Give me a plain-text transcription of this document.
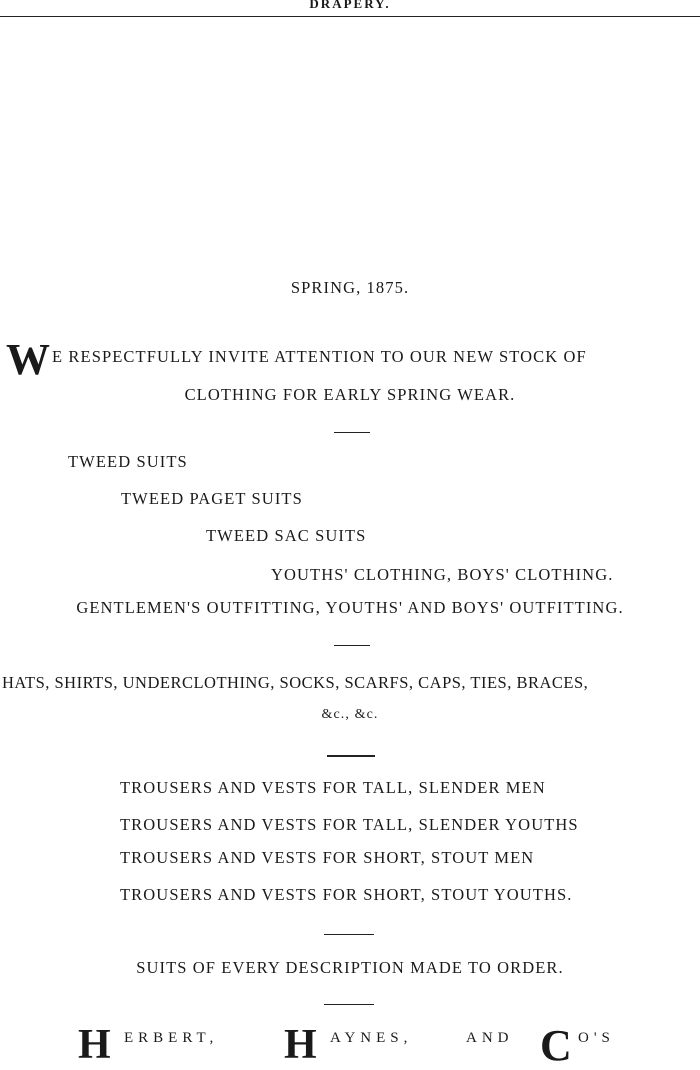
DRAPERY.
SPRING, 1875.
W E RESPECTFULLY INVITE ATTENTION TO OUR NEW STOCK OF
CLOTHING FOR EARLY SPRING WEAR.
TWEED SUITS
TWEED PAGET SUITS
TWEED SAC SUITS
YOUTHS' CLOTHING, BOYS' CLOTHING.
GENTLEMEN'S OUTFITTING, YOUTHS' AND BOYS' OUTFITTING.
HATS, SHIRTS, UNDERCLOTHING, SOCKS, SCARFS, CAPS, TIES, BRACES,
&c., &c.
TROUSERS AND VESTS FOR TALL, SLENDER MEN
TROUSERS AND VESTS FOR TALL, SLENDER YOUTHS
TROUSERS AND VESTS FOR SHORT, STOUT MEN
TROUSERS AND VESTS FOR SHORT, STOUT YOUTHS.
SUITS OF EVERY DESCRIPTION MADE TO ORDER.
H ERBERT, H AYNES,	AND C O'S
